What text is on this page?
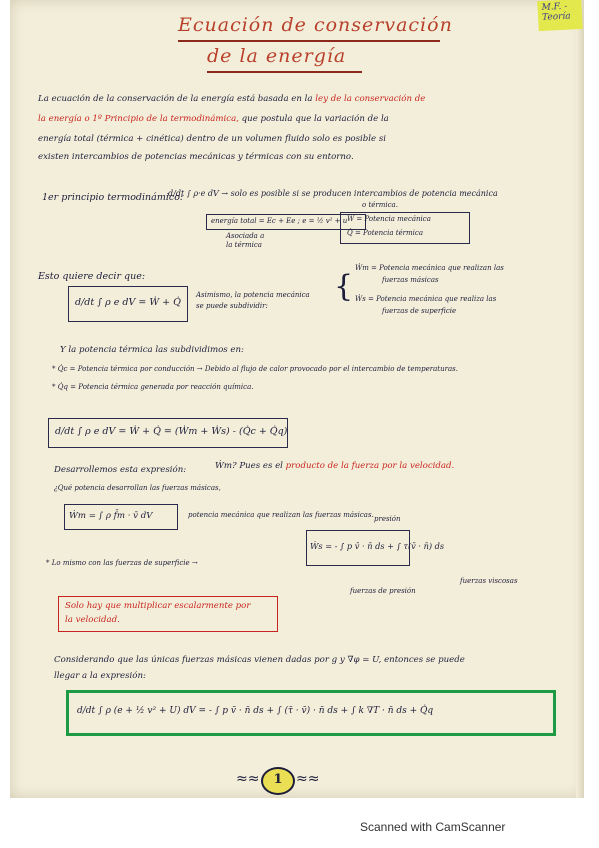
M.F. - Teoría
Ecuación de conservación
de la energía
La ecuación de la conservación de la energía está basada en la ley de la conservación de
la energía o 1º Principio de la termodinámica, que postula que la variación de la
energía total (térmica + cinética) dentro de un volumen fluido solo es posible si
existen intercambios de potencias mecánicas y térmicas con su entorno.
1er principio termodinámico:
d/dt ∫ ρ·e dV → solo es posible si se producen intercambios de potencia mecánica
o térmica.
energía total = Ec + Ee ; e = ½ v² + u
Asociada a
la térmica
Ẇ = Potencia mecánica
Q̇ = Potencia térmica
Esto quiere decir que:
d/dt ∫ ρ e dV = Ẇ + Q̇
Asimismo, la potencia mecánica
se puede subdividir:
{
Ẇm = Potencia mecánica que realizan las
fuerzas másicas
Ẇs = Potencia mecánica que realiza las
fuerzas de superficie
Y la potencia térmica las subdividimos en:
* Q̇c = Potencia térmica por conducción → Debido al flujo de calor provocado por el intercambio de temperaturas.
* Q̇q = Potencia térmica generada por reacción química.
d/dt ∫ ρ e dV = Ẇ + Q̇ = (Ẇm + Ẇs) - (Q̇c + Q̇q)
Desarrollemos esta expresión:	Ẇm? Pues es el producto de la fuerza por la velocidad.
¿Qué potencia desarrollan las fuerzas másicas,
Ẇm = ∫ ρ f̄m · v̄ dV	potencia mecánica que realizan las fuerzas másicas. presión
* Lo mismo con las fuerzas de superficie →
Ẇs = - ∫ p v̄ · n̄ ds + ∫ τ(v̄ · n̄) ds
fuerzas de presión
fuerzas viscosas
Solo hay que multiplicar escalarmente por
la velocidad.
Considerando que las únicas fuerzas másicas vienen dadas por g y ∇φ = U, entonces se puede
llegar a la expresión:
d/dt ∫ ρ (e + ½ v² + U) dV = - ∫ p v̄ · n̄ ds + ∫ (τ̄ · v̄) · n̄ ds + ∫ k ∇T · n̄ ds + Q̇q
≈≈	1 ≈≈
Scanned with CamScanner
